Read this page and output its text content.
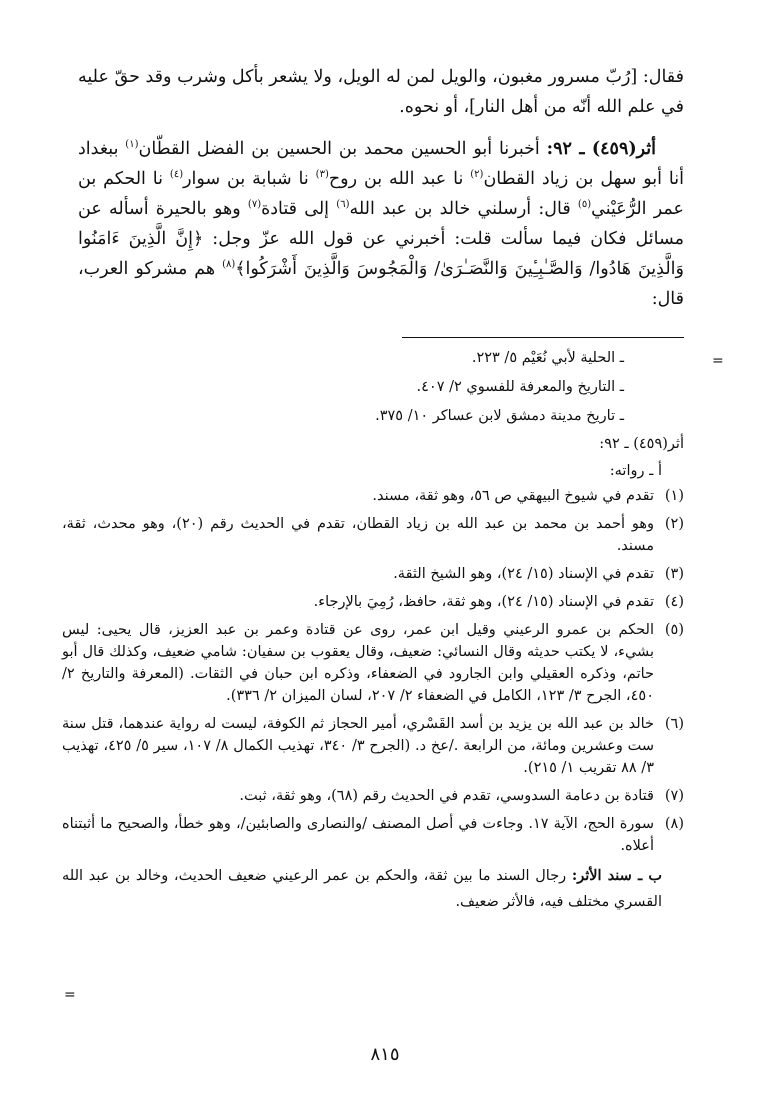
فقال: [رُبّ مسرور مغبون، والويل لمن له الويل، ولا يشعر بأكل وشرب وقد حقّ عليه في علم الله أنّه من أهل النار]، أو نحوه.

أثر(٤٥٩) ـ ٩٢: أخبرنا أبو الحسين محمد بن الحسين بن الفضل القطّان$^{(١)}$ ببغداد أنا أبو سهل بن زياد القطان$^{(٢)}$ نا عبد الله بن روح$^{(٣)}$ نا شبابة بن سوار$^{(٤)}$ نا الحكم بن عمر الرُّعَيْني$^{(٥)}$ قال: أرسلني خالد بن عبد الله$^{(٦)}$ إلى قتادة$^{(٧)}$ وهو بالحيرة أسأله عن مسائل فكان فيما سألت قلت: أخبرني عن قول الله عزّ وجل: ﴿إِنَّ الَّذِينَ ءَامَنُوا وَالَّذِينَ هَادُوا/ وَالصَّـٰبِـِٔينَ وَالنَّصَـٰرَىٰ/ وَالْمَجُوسَ وَالَّذِينَ أَشْرَكُوا﴾$^{(٨)}$ هم مشركو العرب، قال:

=

ـ الحلية لأبي نُعَيْم ٥/ ٢٢٣.

ـ التاريخ والمعرفة للفسوي ٢/ ٤٠٧.

ـ تاريخ مدينة دمشق لابن عساكر ١٠/ ٣٧٥.

أثر(٤٥٩) ـ ٩٢:

أ ـ رواته:

(١)
تقدم في شيوخ البيهقي ص ٥٦، وهو ثقة، مسند.
(٢)
وهو أحمد بن محمد بن عبد الله بن زياد القطان، تقدم في الحديث رقم (٢٠)، وهو محدث، ثقة، مسند.
(٣)
تقدم في الإسناد (١٥/ ٢٤)، وهو الشيخ الثقة.
(٤)
تقدم في الإسناد (١٥/ ٢٤)، وهو ثقة، حافظ، رُمِيَ بالإرجاء.
(٥)
الحكم بن عمرو الرعيني وقيل ابن عمر، روى عن قتادة وعمر بن عبد العزيز، قال يحيى: ليس بشيء، لا يكتب حديثه وقال النسائي: ضعيف، وقال يعقوب بن سفيان: شامي ضعيف، وكذلك قال أبو حاتم، وذكره العقيلي وابن الجارود في الضعفاء، وذكره ابن حبان في الثقات. (المعرفة والتاريخ ٢/ ٤٥٠، الجرح ٣/ ١٢٣، الكامل في الضعفاء ٢/ ٢٠٧، لسان الميزان ٢/ ٣٣٦).
(٦)
خالد بن عبد الله بن يزيد بن أسد القَسْري، أمير الحجاز ثم الكوفة، ليست له رواية عندهما، قتل سنة ست وعشرين ومائة، من الرابعة ./عخ د. (الجرح ٣/ ٣٤٠، تهذيب الكمال ٨/ ١٠٧، سير ٥/ ٤٢٥، تهذيب ٣/ ٨٨ تقريب ١/ ٢١٥).
(٧)
قتادة بن دعامة السدوسي، تقدم في الحديث رقم (٦٨)، وهو ثقة، ثبت.
(٨)
سورة الحج، الآية ١٧. وجاءت في أصل المصنف /والنصارى والصابئين/، وهو خطأ، والصحيح ما أثبتناه أعلاه.

ب ـ سند الأثر: رجال السند ما بين ثقة، والحكم بن عمر الرعيني ضعيف الحديث، وخالد بن عبد الله القسري مختلف فيه، فالأثر ضعيف.

=
٨١٥
